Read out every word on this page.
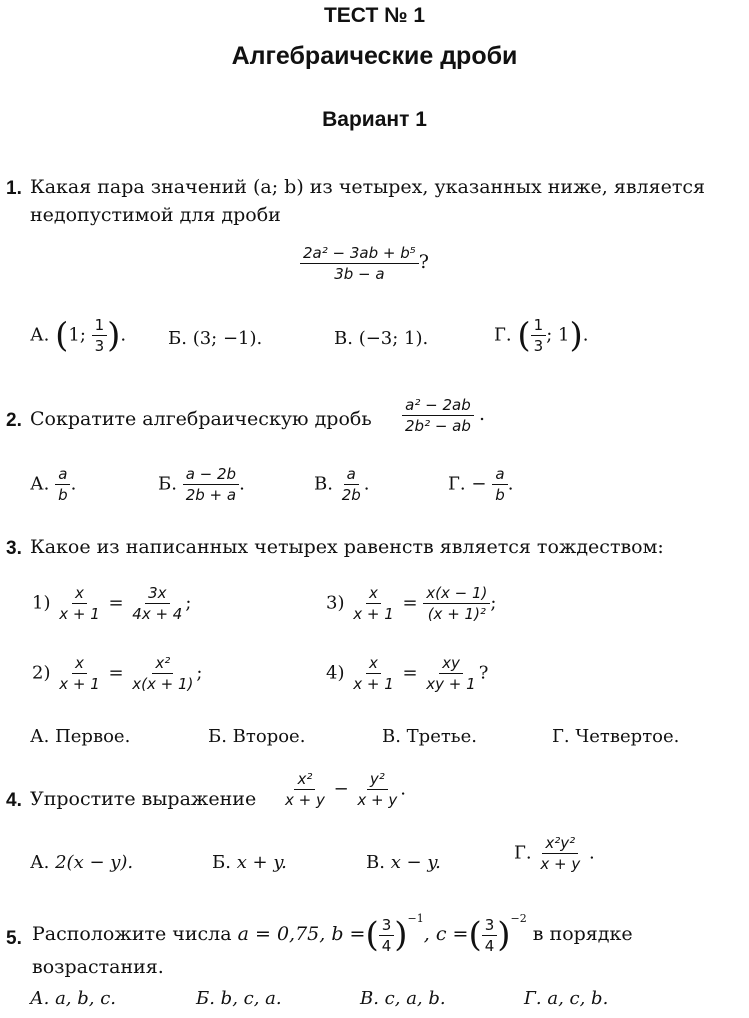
ТЕСТ № 1
Алгебраические дроби
Вариант 1
1. Какая пара значений (a; b) из четырех, указанных ниже, является
недопустимой для дроби
$\frac{\text{2a² − 3ab + b⁵}}{3b - a}$ ?
А. (1; $\frac{1}{3}$ ). Б. (3; −1).	В. (−3; 1).	Г. ( $\frac{1}{3}$ ; 1).
2. Сократите алгебраическую дробь $\frac{\text{a² − 2ab}}{\text{2b² − ab}}$ .
А. $\frac{a}{b}$ .	Б. $\frac{a - 2b}{2b + a}$ .	В. $\frac{a}{2b}$ .	Г. − $\frac{a}{b}$ .
3. Какое из написанных четырех равенств является тождеством:
$1) \frac{x}{x + 1} = \frac{3x}{4x + 4}$ ;
$2) \frac{x}{x + 1} = \frac{\text{x²}}{x(x + 1)}$ ;
$3) \frac{x}{x + 1} = \frac{x(x - 1)}{\text{(x + 1)²}}$ ;
$4) \frac{x}{x + 1} = \frac{xy}{xy + 1}$ ?
А. Первое.	Б. Второе.	В. Третье.	Г. Четвертое.
4. Упростите выражение $\frac{\text{x²}}{x + y} - \frac{\text{y²}}{x + y}$ .
А. 2(x − y).	Б. x + y.	В. x − y.	Г. $\frac{\text{x²y²}}{x + y}$ .
5. Расположите числа a = 0,75, b =( $\frac{3}{4} )^{-1}$, c =( $\frac{3}{4} )^{-2}$ в порядке
возрастания.
А. a, b, c.	Б. b, c, a.	В. c, a, b.	Г. a, c, b.
